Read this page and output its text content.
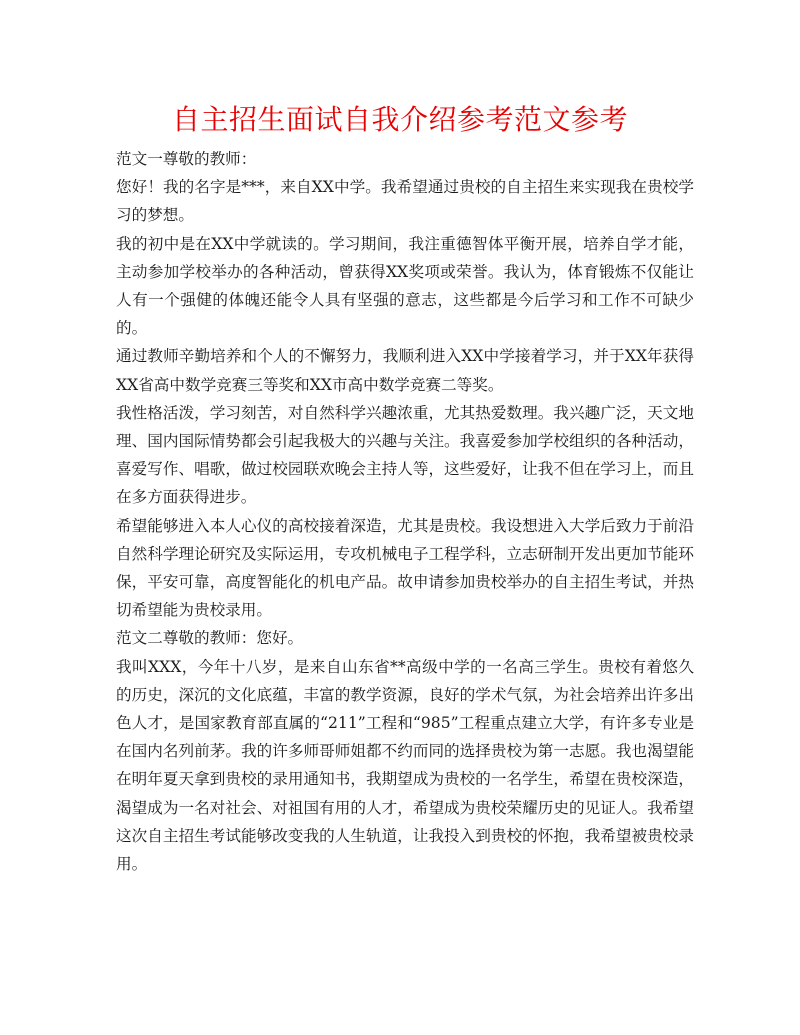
自主招生面试自我介绍参考范文参考

范文一尊敬的教师：

您好！我的名字是***，来自XX中学。我希望通过贵校的自主招生来实现我在贵校学习的梦想。

我的初中是在XX中学就读的。学习期间，我注重德智体平衡开展，培养自学才能，主动参加学校举办的各种活动，曾获得XX奖项或荣誉。我认为，体育锻炼不仅能让人有一个强健的体魄还能令人具有坚强的意志，这些都是今后学习和工作不可缺少的。

通过教师辛勤培养和个人的不懈努力，我顺利进入XX中学接着学习，并于XX年获得XX省高中数学竞赛三等奖和XX市高中数学竞赛二等奖。

我性格活泼，学习刻苦，对自然科学兴趣浓重，尤其热爱数理。我兴趣广泛，天文地理、国内国际情势都会引起我极大的兴趣与关注。我喜爱参加学校组织的各种活动，喜爱写作、唱歌，做过校园联欢晚会主持人等，这些爱好，让我不但在学习上，而且在多方面获得进步。

希望能够进入本人心仪的高校接着深造，尤其是贵校。我设想进入大学后致力于前沿自然科学理论研究及实际运用，专攻机械电子工程学科，立志研制开发出更加节能环保，平安可靠，高度智能化的机电产品。故申请参加贵校举办的自主招生考试，并热切希望能为贵校录用。

范文二尊敬的教师：您好。

我叫XXX，今年十八岁，是来自山东省**高级中学的一名高三学生。贵校有着悠久的历史，深沉的文化底蕴，丰富的教学资源，良好的学术气氛，为社会培养出许多出色人才，是国家教育部直属的“211”工程和“985”工程重点建立大学，有许多专业是在国内名列前茅。我的许多师哥师姐都不约而同的选择贵校为第一志愿。我也渴望能在明年夏天拿到贵校的录用通知书，我期望成为贵校的一名学生，希望在贵校深造，渴望成为一名对社会、对祖国有用的人才，希望成为贵校荣耀历史的见证人。我希望这次自主招生考试能够改变我的人生轨道，让我投入到贵校的怀抱，我希望被贵校录用。
